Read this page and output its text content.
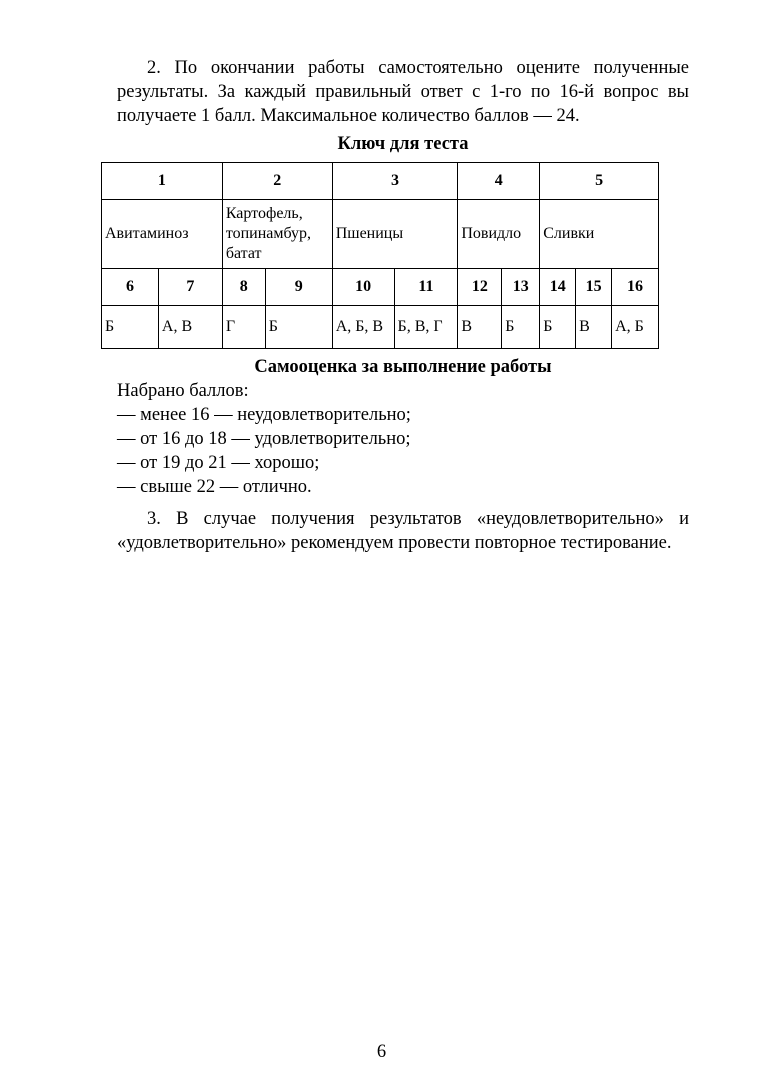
2. По окончании работы самостоятельно оцените полученные результаты. За каждый правильный ответ с 1-го по 16-й вопрос вы получаете 1 балл. Максимальное количество баллов — 24.

Ключ для теста
1		2		3		4		5		
Авитаминоз		Картофель, топинамбур, батат		Пшеницы		Повидло		Сливки		
6	7	8	9	10	11	12	13	14	15	16
Б	А, В	Г	Б	А, Б, В	Б, В, Г	В	Б	Б	В	А, Б
Самооценка за выполнение работы

Набрано баллов:

— менее 16 — неудовлетворительно;
— от 16 до 18 — удовлетворительно;
— от 19 до 21 — хорошо;
— свыше 22 — отлично.

3. В случае получения результатов «неудовлетворительно» и «удовлетворительно» рекомендуем провести повторное тестирование.

6
